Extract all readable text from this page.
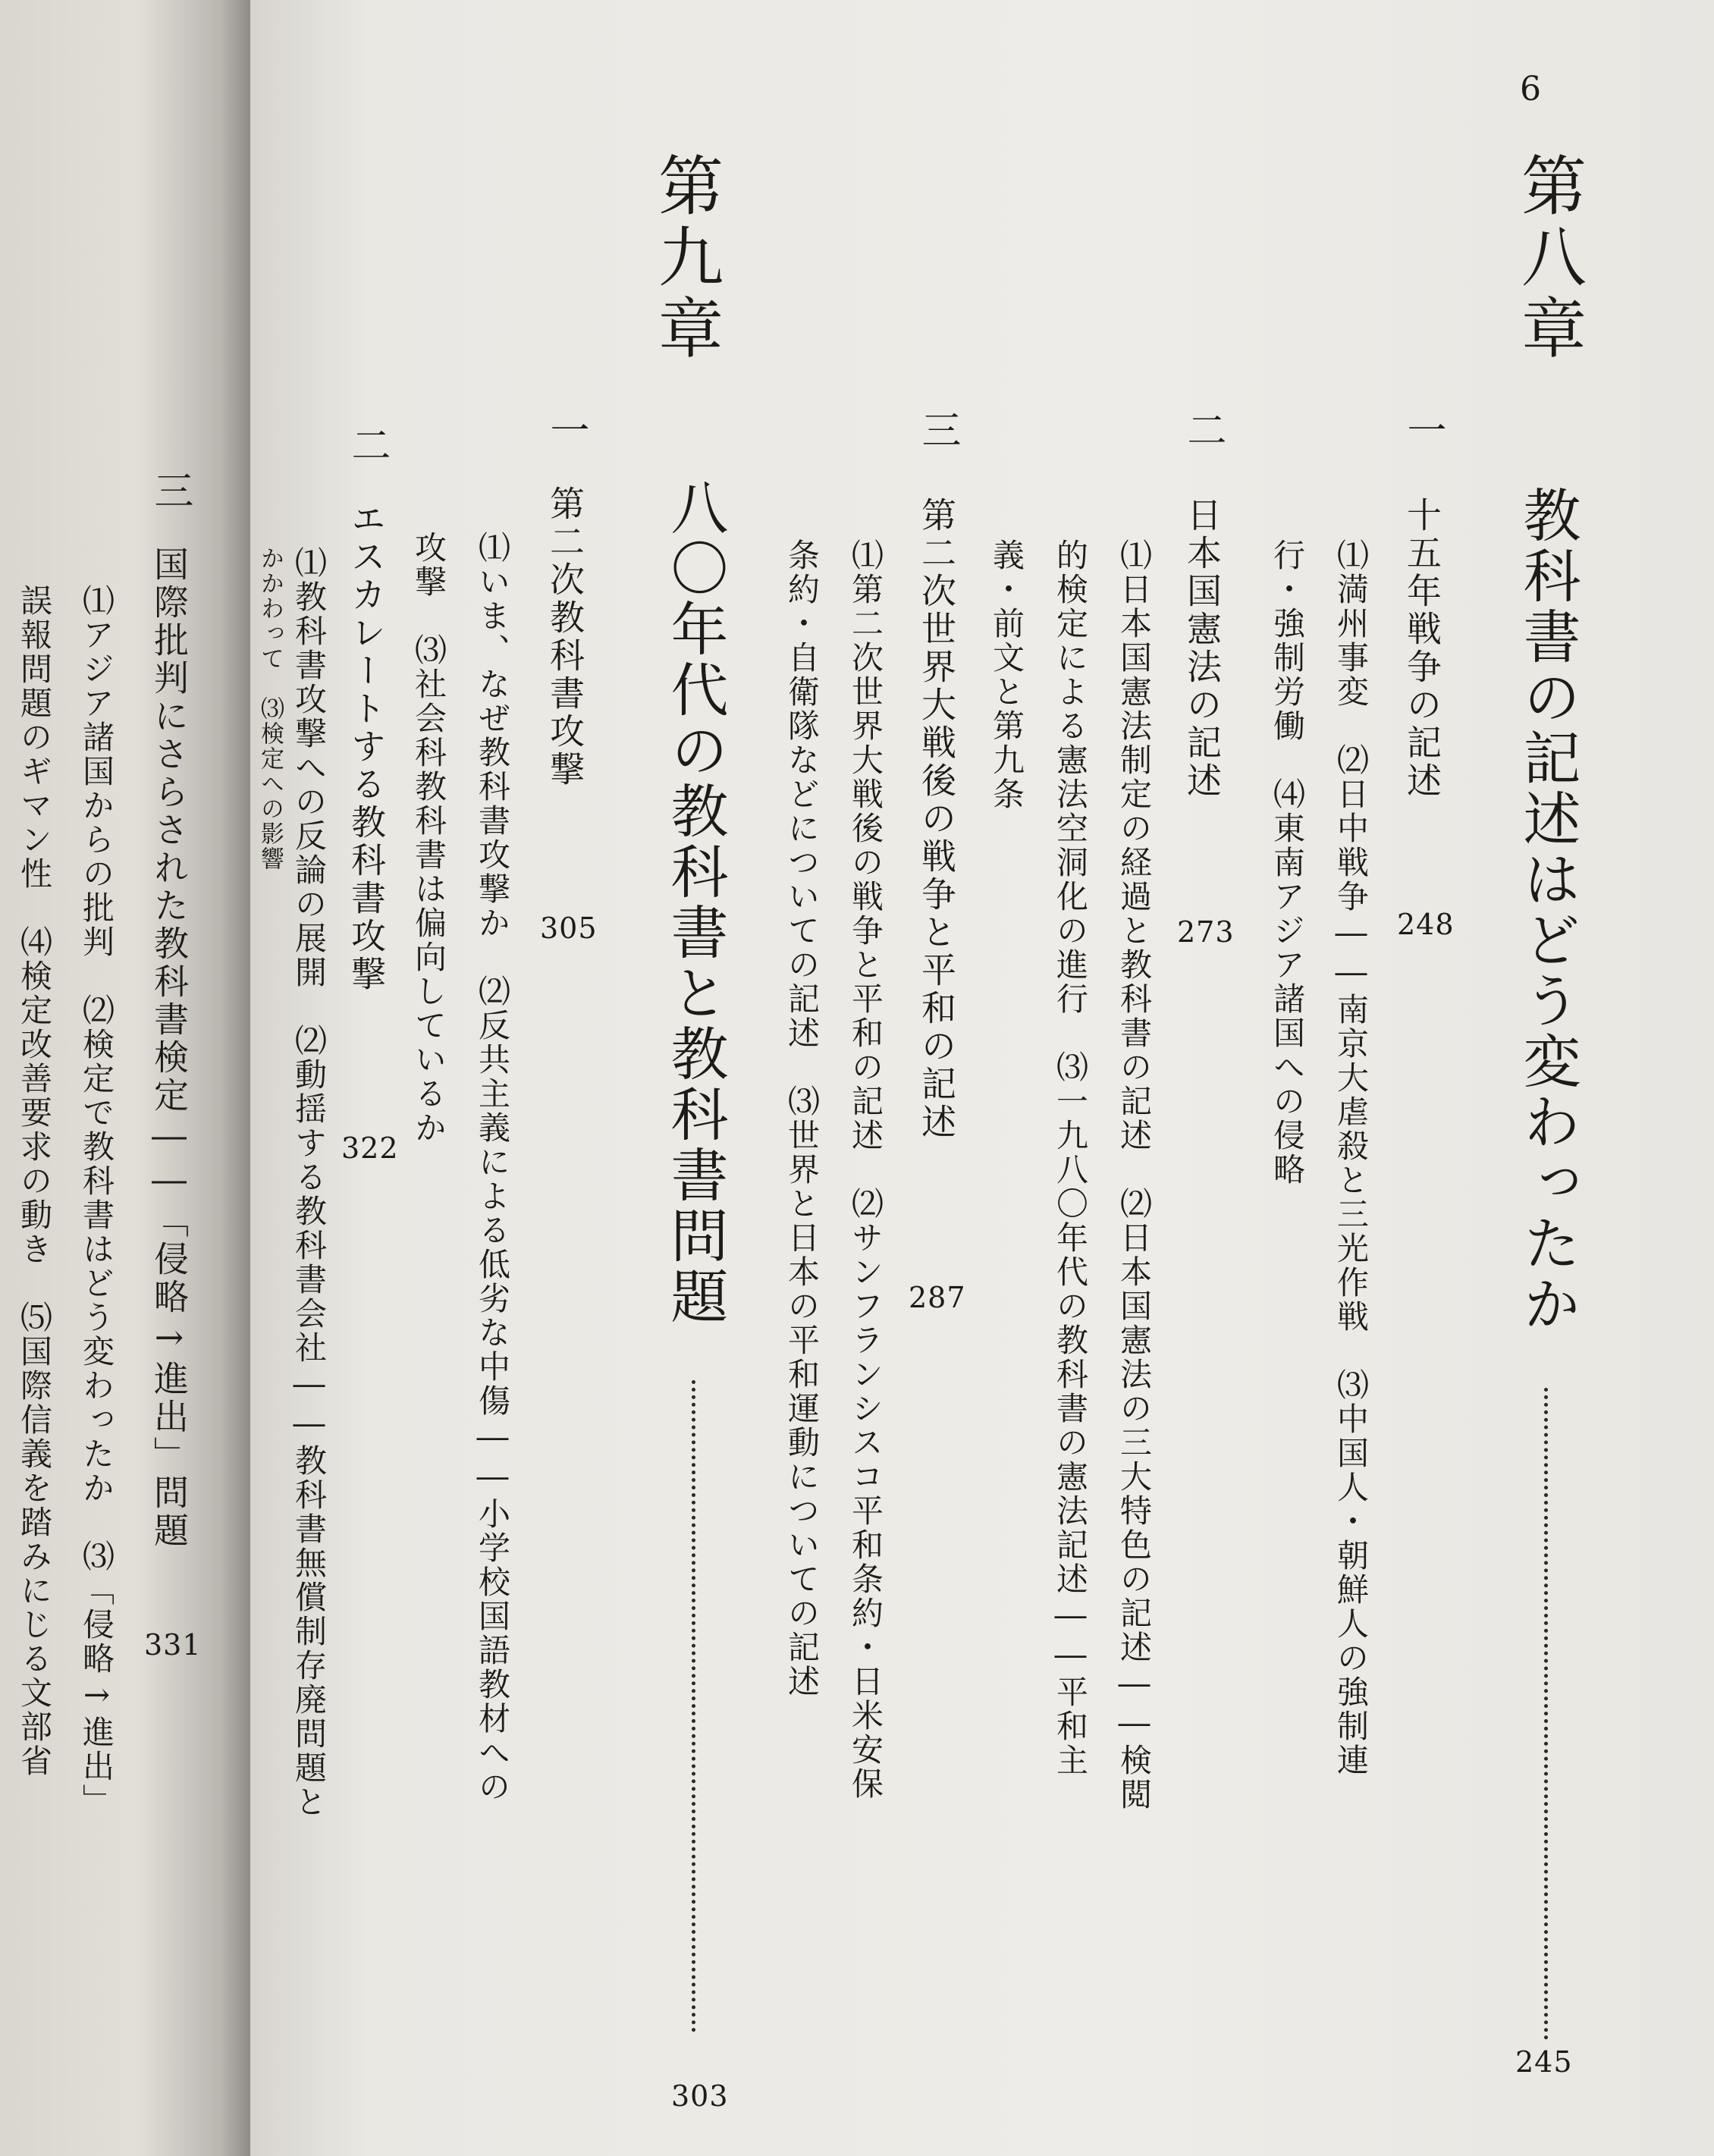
6
第八章
教科書の記述はどう変わったか
245
一
十五年戦争の記述
248
⑴満州事変　⑵日中戦争――南京大虐殺と三光作戦　⑶中国人・朝鮮人の強制連
行・強制労働　⑷東南アジア諸国への侵略
二
日本国憲法の記述
273
⑴日本国憲法制定の経過と教科書の記述　⑵日本国憲法の三大特色の記述――検閲
的検定による憲法空洞化の進行　⑶一九八〇年代の教科書の憲法記述――平和主
義・前文と第九条
三
第二次世界大戦後の戦争と平和の記述
287
⑴第二次世界大戦後の戦争と平和の記述　⑵サンフランシスコ平和条約・日米安保
条約・自衛隊などについての記述　⑶世界と日本の平和運動についての記述
第九章
八〇年代の教科書と教科書問題
303
一
第二次教科書攻撃
305
⑴いま、なぜ教科書攻撃か　⑵反共主義による低劣な中傷――小学校国語教材への
攻撃　⑶社会科教科書は偏向しているか
二
エスカレートする教科書攻撃
322
⑴教科書攻撃への反論の展開　⑵動揺する教科書会社――教科書無償制存廃問題と
かかわって　⑶検定への影響
三
国際批判にさらされた教科書検定――「侵略→進出」問題
331
⑴アジア諸国からの批判　⑵検定で教科書はどう変わったか　⑶「侵略→進出」
誤報問題のギマン性　⑷検定改善要求の動き　⑸国際信義を踏みにじる文部省
